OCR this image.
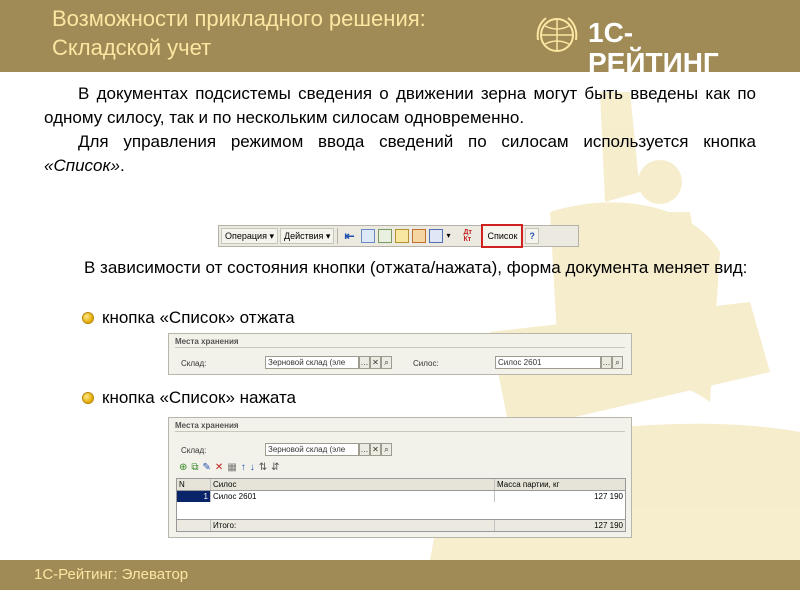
Возможности прикладного решения:
Складской учет	1С-РЕЙТИНГ

В документах подсистемы сведения о движении зерна могут быть введены как по одному силосу, так и по нескольким силосам одновременно.

Для управления режимом ввода сведений по силосам используется кнопка «Список».

Операция ▾	Действия ▾	⇤	▾	Дт
Кт	Список ?
В зависимости от состояния кнопки (отжата/нажата), форма документа меняет вид:
кнопка «Список» отжата
Места хранения
Склад:	Зерновой склад (эле	… ✕ ⌕	Силос:	Силос 2601	… ⌕
кнопка «Список» нажата
Места хранения
Склад:	Зерновой склад (эле	… ✕ ⌕
⊕ ⧉ ✎ ✕ ▦ ↑ ↓ ⇅ ⇵
N	Силос	Масса партии, кг
1 Силос 2601	127 190
Итого:	127 190
1С-Рейтинг: Элеватор
